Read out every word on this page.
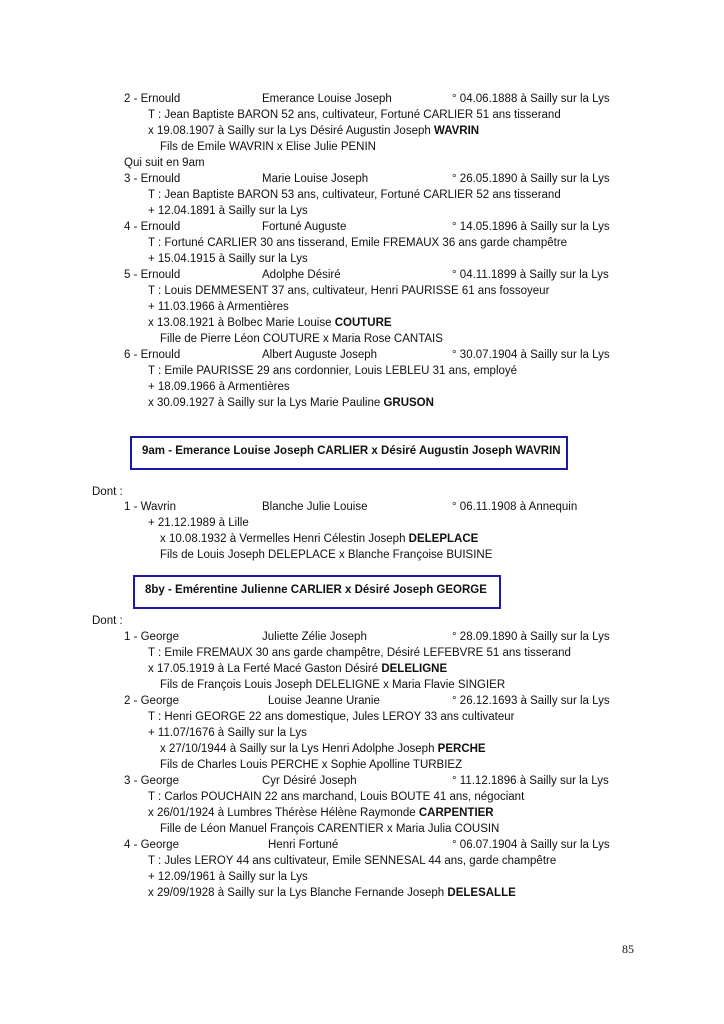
2 - Ernould	Emerance Louise Joseph	° 04.06.1888 à Sailly sur la Lys
T : Jean Baptiste BARON 52 ans, cultivateur, Fortuné CARLIER 51 ans tisserand
x 19.08.1907 à Sailly sur la Lys Désiré Augustin Joseph WAVRIN
Fils de Emile WAVRIN x Elise Julie PENIN
Qui suit en 9am
3 - Ernould	Marie Louise Joseph	° 26.05.1890 à Sailly sur la Lys
T : Jean Baptiste BARON 53 ans, cultivateur, Fortuné CARLIER 52 ans tisserand
+ 12.04.1891 à Sailly sur la Lys
4 - Ernould	Fortuné Auguste	° 14.05.1896 à Sailly sur la Lys
T : Fortuné CARLIER 30 ans tisserand, Emile FREMAUX 36 ans garde champêtre
+ 15.04.1915 à Sailly sur la Lys
5 - Ernould	Adolphe Désiré	° 04.11.1899 à Sailly sur la Lys
T : Louis DEMMESENT 37 ans, cultivateur, Henri PAURISSE 61 ans fossoyeur
+ 11.03.1966 à Armentières
x 13.08.1921 à Bolbec Marie Louise COUTURE
Fille de Pierre Léon COUTURE x Maria Rose CANTAIS
6 - Ernould	Albert Auguste Joseph	° 30.07.1904 à Sailly sur la Lys
T : Emile PAURISSE 29 ans cordonnier, Louis LEBLEU 31 ans, employé
+ 18.09.1966 à Armentières
x 30.09.1927 à Sailly sur la Lys Marie Pauline GRUSON
9am - Emerance Louise Joseph CARLIER x Désiré Augustin Joseph WAVRIN
Dont :
1 - Wavrin	Blanche Julie Louise	° 06.11.1908 à Annequin
+ 21.12.1989 à Lille
x 10.08.1932 à Vermelles Henri Célestin Joseph DELEPLACE
Fils de Louis Joseph DELEPLACE x Blanche Françoise BUISINE
8by - Emérentine Julienne CARLIER x Désiré Joseph GEORGE
Dont :
1 - George	Juliette Zélie Joseph	° 28.09.1890 à Sailly sur la Lys
T : Emile FREMAUX 30 ans garde champêtre, Désiré LEFEBVRE 51 ans tisserand
x 17.05.1919 à La Ferté Macé Gaston Désiré DELELIGNE
Fils de François Louis Joseph DELELIGNE x Maria Flavie SINGIER
2 - George	Louise Jeanne Uranie	° 26.12.1693 à Sailly sur la Lys
T : Henri GEORGE 22 ans domestique, Jules LEROY 33 ans cultivateur
+ 11.07/1676 à Sailly sur la Lys
x 27/10/1944 à Sailly sur la Lys Henri Adolphe Joseph PERCHE
Fils de Charles Louis PERCHE x Sophie Apolline TURBIEZ
3 - George	Cyr Désiré Joseph	° 11.12.1896 à Sailly sur la Lys
T : Carlos POUCHAIN 22 ans marchand, Louis BOUTE 41 ans, négociant
x 26/01/1924 à Lumbres Thérèse Hélène Raymonde CARPENTIER
Fille de Léon Manuel François CARENTIER x Maria Julia COUSIN
4 - George	Henri Fortuné	° 06.07.1904 à Sailly sur la Lys
T : Jules LEROY 44 ans cultivateur, Emile SENNESAL 44 ans, garde champêtre
+ 12.09/1961 à Sailly sur la Lys
x 29/09/1928 à Sailly sur la Lys Blanche Fernande Joseph DELESALLE
85
